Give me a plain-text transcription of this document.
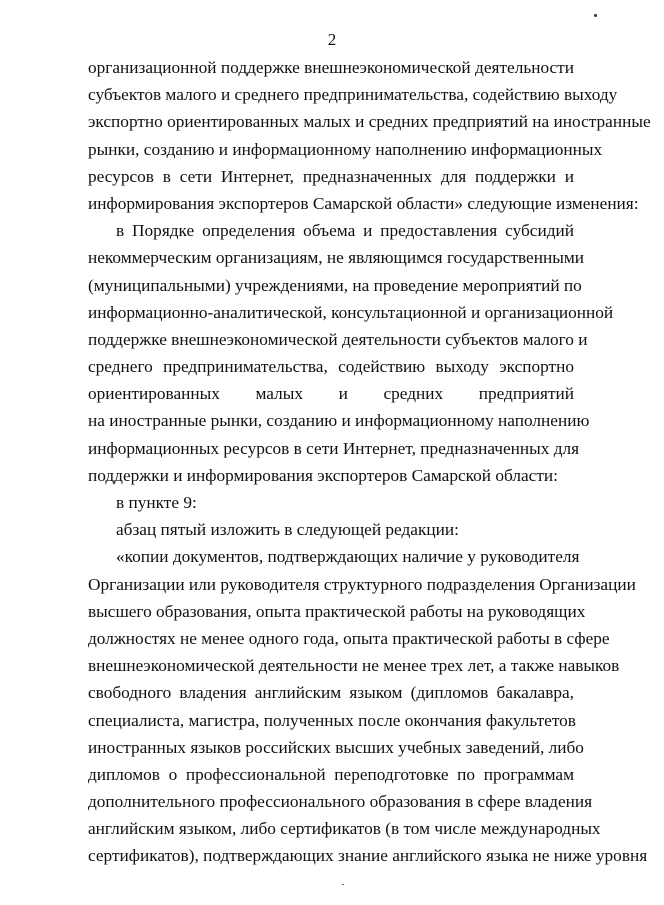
2
организационной поддержке внешнеэкономической деятельности
субъектов малого и среднего предпринимательства, содействию выходу
экспортно ориентированных малых и средних предприятий на иностранные
рынки, созданию и информационному наполнению информационных
ресурсов в сети Интернет, предназначенных для поддержки и
информирования экспортеров Самарской области» следующие изменения:
в Порядке определения объема и предоставления субсидий
некоммерческим организациям, не являющимся государственными
(муниципальными) учреждениями, на проведение мероприятий по
информационно-аналитической, консультационной и организационной
поддержке внешнеэкономической деятельности субъектов малого и
среднего предпринимательства, содействию выходу экспортно
ориентированных малых и средних предприятий
на иностранные рынки, созданию и информационному наполнению
информационных ресурсов в сети Интернет, предназначенных для
поддержки и информирования экспортеров Самарской области:
в пункте 9:
абзац пятый изложить в следующей редакции:
«копии документов, подтверждающих наличие у руководителя
Организации или руководителя структурного подразделения Организации
высшего образования, опыта практической работы на руководящих
должностях не менее одного года, опыта практической работы в сфере
внешнеэкономической деятельности не менее трех лет, а также навыков
свободного владения английским языком (дипломов бакалавра,
специалиста, магистра, полученных после окончания факультетов
иностранных языков российских высших учебных заведений, либо
дипломов о профессиональной переподготовке по программам
дополнительного профессионального образования в сфере владения
английским языком, либо сертификатов (в том числе международных
сертификатов), подтверждающих знание английского языка не ниже уровня
